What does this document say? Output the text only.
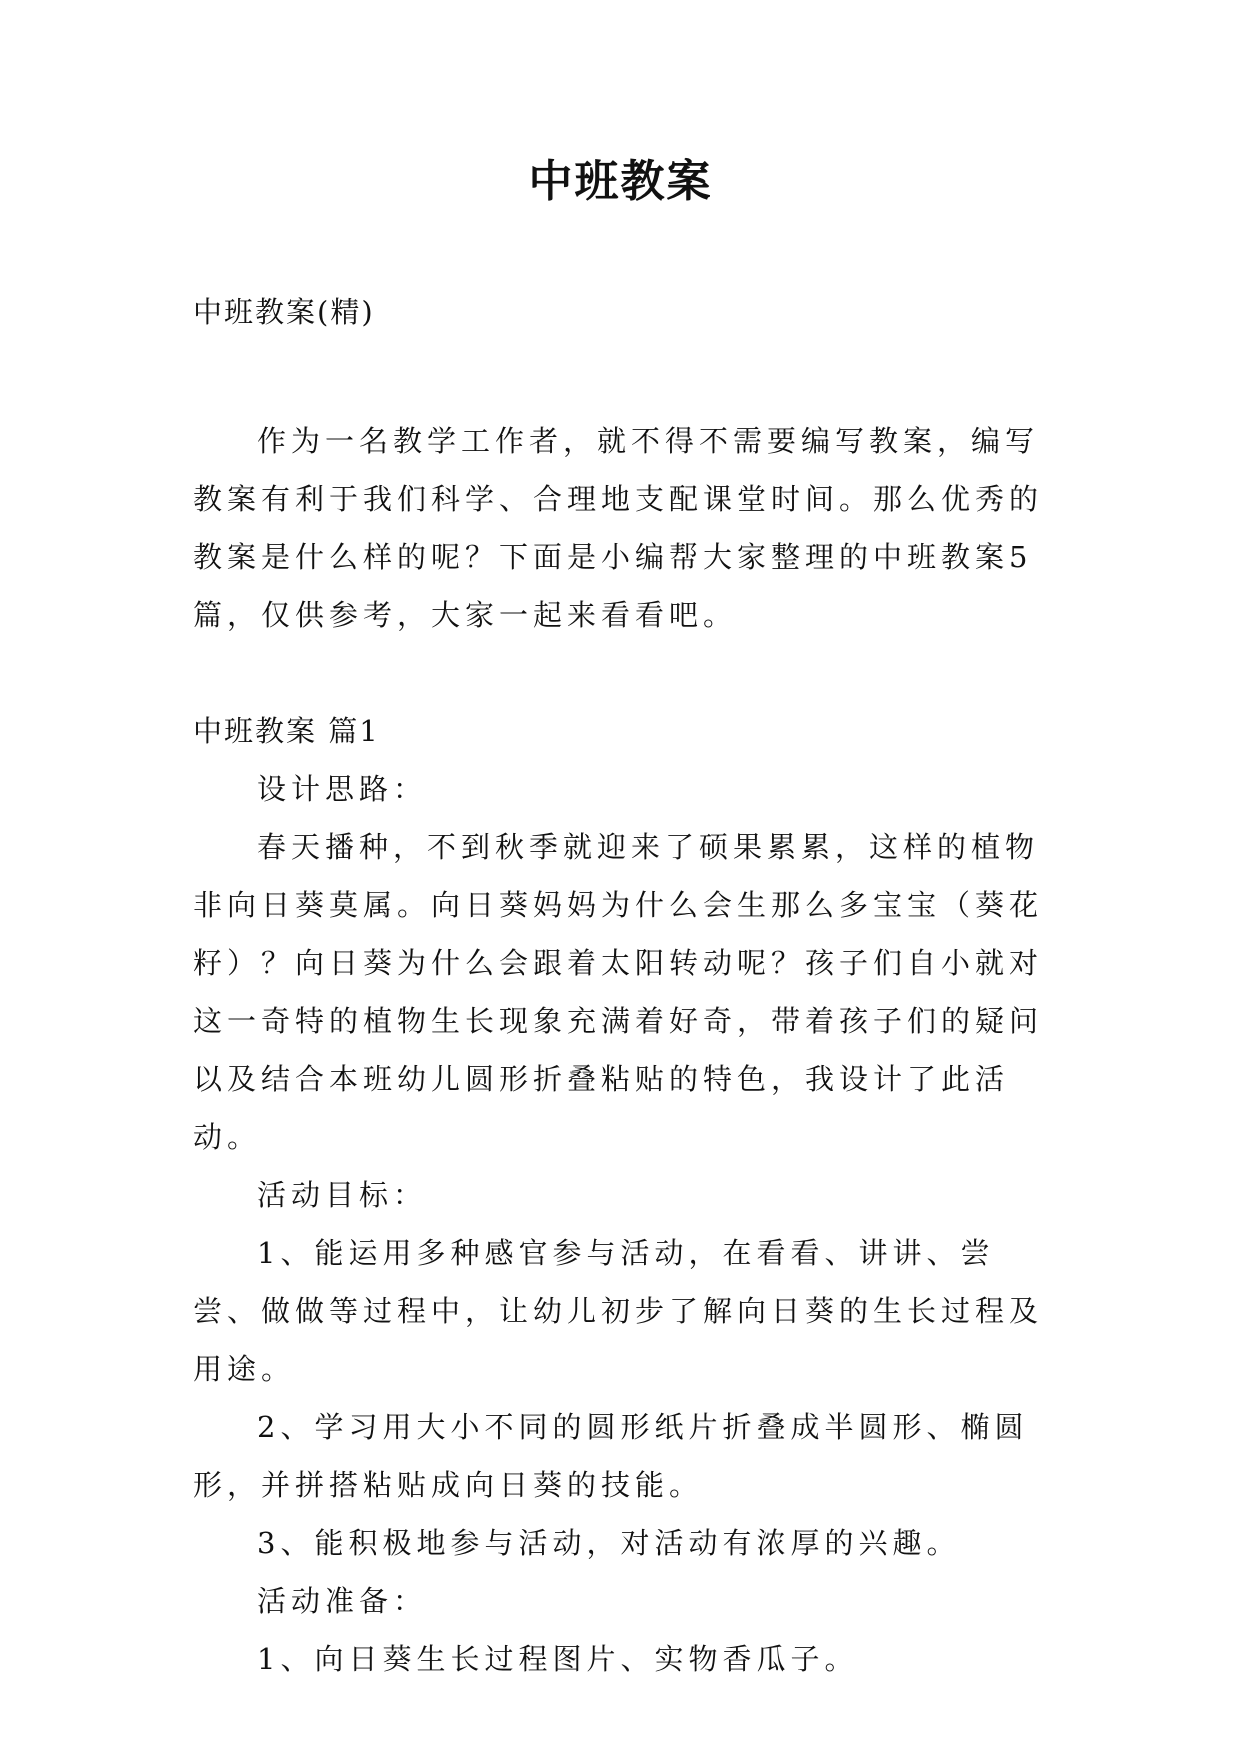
中班教案
中班教案(精)

作为一名教学工作者，就不得不需要编写教案，编写教案有利于我们科学、合理地支配课堂时间。那么优秀的教案是什么样的呢？下面是小编帮大家整理的中班教案5篇，仅供参考，大家一起来看看吧。

中班教案 篇1

设计思路：

春天播种，不到秋季就迎来了硕果累累，这样的植物非向日葵莫属。向日葵妈妈为什么会生那么多宝宝（葵花籽）？向日葵为什么会跟着太阳转动呢？孩子们自小就对这一奇特的植物生长现象充满着好奇，带着孩子们的疑问以及结合本班幼儿圆形折叠粘贴的特色，我设计了此活动。

活动目标：

1、能运用多种感官参与活动，在看看、讲讲、尝尝、做做等过程中，让幼儿初步了解向日葵的生长过程及用途。

2、学习用大小不同的圆形纸片折叠成半圆形、椭圆形，并拼搭粘贴成向日葵的技能。

3、能积极地参与活动，对活动有浓厚的兴趣。

活动准备：

1、向日葵生长过程图片、实物香瓜子。
